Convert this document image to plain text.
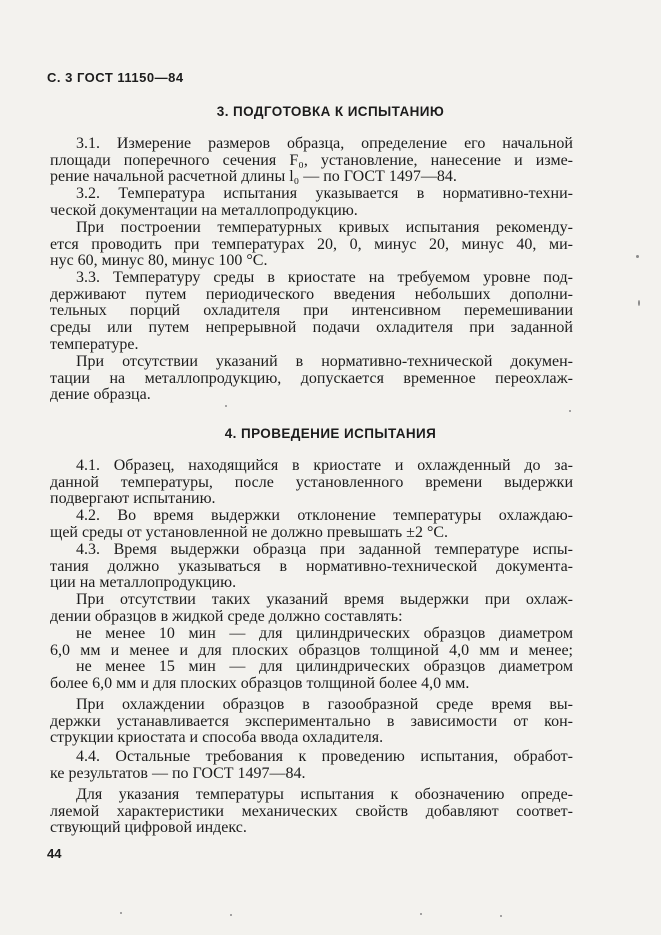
С. 3 ГОСТ 11150—84
3. ПОДГОТОВКА К ИСПЫТАНИЮ
3.1. Измерение размеров образца, определение его начальной
площади поперечного сечения F₀, установление, нанесение и изме-
рение начальной расчетной длины l₀ — по ГОСТ 1497—84.
3.2. Температура испытания указывается в нормативно-техни-
ческой документации на металлопродукцию.
При построении температурных кривых испытания рекоменду-
ется проводить при температурах 20, 0, минус 20, минус 40, ми-
нус 60, минус 80, минус 100 °С.
3.3. Температуру среды в криостате на требуемом уровне под-
держивают путем периодического введения небольших дополни-
тельных порций охладителя при интенсивном перемешивании
среды или путем непрерывной подачи охладителя при заданной
температуре.
При отсутствии указаний в нормативно-технической докумен-
тации на металлопродукцию, допускается временное переохлаж-
дение образца.
4. ПРОВЕДЕНИЕ ИСПЫТАНИЯ
4.1. Образец, находящийся в криостате и охлажденный до за-
данной температуры, после установленного времени выдержки
подвергают испытанию.
4.2. Во время выдержки отклонение температуры охлаждаю-
щей среды от установленной не должно превышать ±2 °С.
4.3. Время выдержки образца при заданной температуре испы-
тания должно указываться в нормативно-технической документа-
ции на металлопродукцию.
При отсутствии таких указаний время выдержки при охлаж-
дении образцов в жидкой среде должно составлять:
не менее 10 мин — для цилиндрических образцов диаметром
6,0 мм и менее и для плоских образцов толщиной 4,0 мм и менее;
не менее 15 мин — для цилиндрических образцов диаметром
более 6,0 мм и для плоских образцов толщиной более 4,0 мм.
При охлаждении образцов в газообразной среде время вы-
держки устанавливается экспериментально в зависимости от кон-
струкции криостата и способа ввода охладителя.
4.4. Остальные требования к проведению испытания, обработ-
ке результатов — по ГОСТ 1497—84.
Для указания температуры испытания к обозначению опреде-
ляемой характеристики механических свойств добавляют соответ-
ствующий цифровой индекс.
44
